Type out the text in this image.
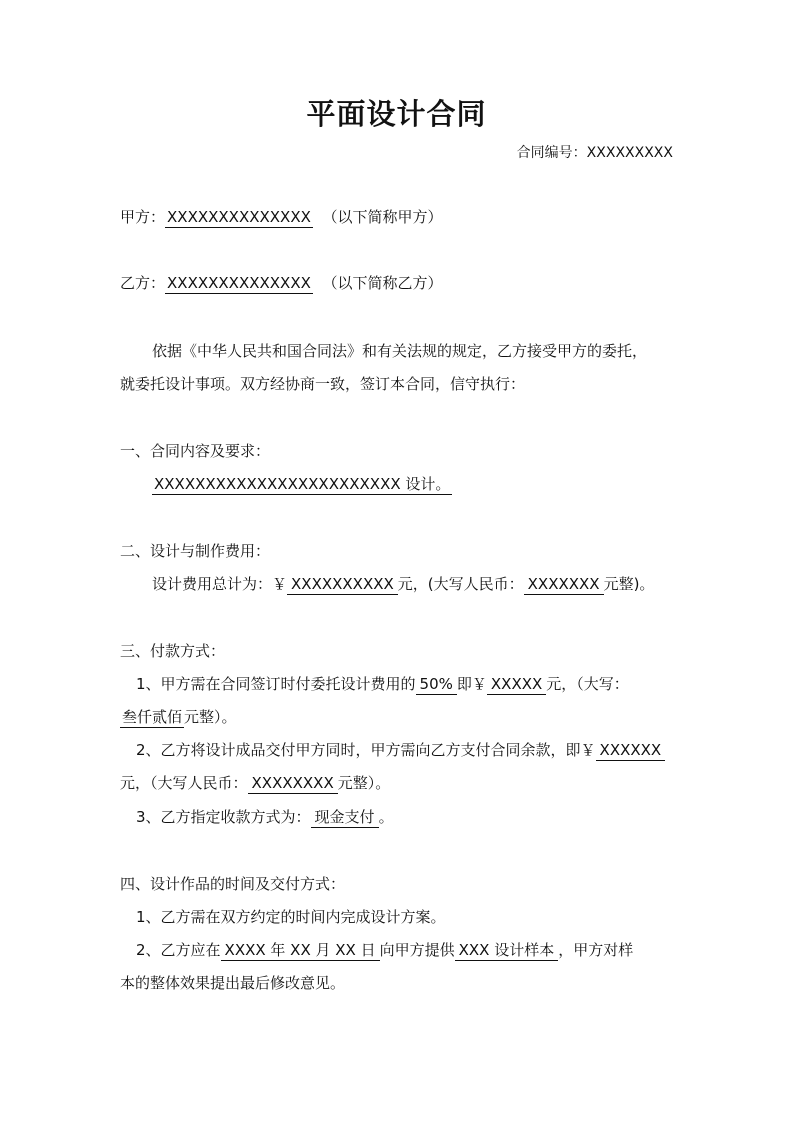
平面设计合同
合同编号：XXXXXXXXX
甲方： XXXXXXXXXXXXXX （以下简称甲方）
乙方： XXXXXXXXXXXXXX （以下简称乙方）
依据《中华人民共和国合同法》和有关法规的规定，乙方接受甲方的委托，
就委托设计事项。双方经协商一致，签订本合同，信守执行：
一、合同内容及要求：
XXXXXXXXXXXXXXXXXXXXXXXX 设计。
二、设计与制作费用：
设计费用总计为：￥ XXXXXXXXXX 元，(大写人民币： XXXXXXX 元整)。
三、付款方式：
1、甲方需在合同签订时付委托设计费用的 50% 即￥ XXXXX 元，（大写：
叁仟贰佰 元整）。
2、乙方将设计成品交付甲方同时，甲方需向乙方支付合同余款，即￥ XXXXXX
元，（大写人民币： XXXXXXXX 元整）。
3、乙方指定收款方式为： 现金支付 。
四、设计作品的时间及交付方式：
1、乙方需在双方约定的时间内完成设计方案。
2、乙方应在 XXXX 年 XX 月 XX 日 向甲方提供 XXX 设计样本 ，甲方对样
本的整体效果提出最后修改意见。
